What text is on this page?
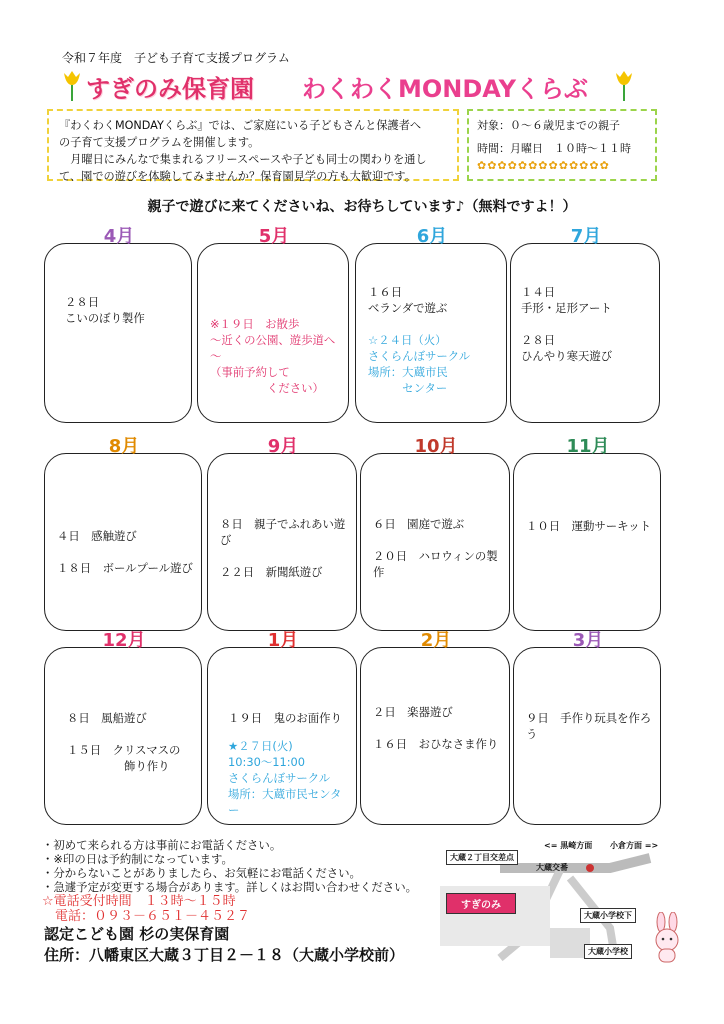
令和７年度　子ども子育て支援プログラム
すぎのみ保育園 わくわくMONDAYくらぶ
『わくわくMONDAYくらぶ』では、ご家庭にいる子どもさんと保護者へ
の子育て支援プログラムを開催します。
　月曜日にみんなで集まれるフリースペースや子ども同士の関わりを通し
て、園での遊びを体験してみませんか？保育園見学の方も大歓迎です。
対象：０～６歳児までの親子
時間：月曜日　１０時～１１時
✿✿✿✿✿✿✿✿✿✿✿✿✿
親子で遊びに来てくださいね、お待ちしています♪（無料ですよ！）
4月
２８日
こいのぼり製作
5月
※１９日　お散歩
～近くの公園、遊歩道へ～
（事前予約して
　　　　　ください）
6月
１６日
ベランダで遊ぶ
☆２４日（火）
さくらんぼサークル
場所：大蔵市民
　　　センター
7月
１４日
手形・足形アート

２８日
ひんやり寒天遊び
8月
４日　感触遊び

１８日　ボールプール遊び
9月
８日　親子でふれあい遊び

２２日　新聞紙遊び
10月
６日　園庭で遊ぶ

２０日　ハロウィンの製作
11月
１０日　運動サーキット
12月
８日　風船遊び

１５日　クリスマスの
　　　　　飾り作り
1月
１９日　鬼のお面作り
★２７日(火)
10:30～11:00
さくらんぼサークル
場所：大蔵市民センター
2月
２日　楽器遊び

１６日　おひなさま作り
3月
９日　手作り玩具を作ろう
・初めて来られる方は事前にお電話ください。
・※印の日は予約制になっています。
・分からないことがありましたら、お気軽にお電話ください。
・急遽予定が変更する場合があります。詳しくはお問い合わせください。
☆電話受付時間　１３時～１５時
　電話：０９３－６５１－４５２７
認定こども園 杉の実保育園
住所：八幡東区大蔵３丁目２－１８（大蔵小学校前）
大蔵２丁目交差点
<= 黒崎方面 小倉方面 =>
大蔵交番
すぎのみ
大蔵小学校下
大蔵小学校
